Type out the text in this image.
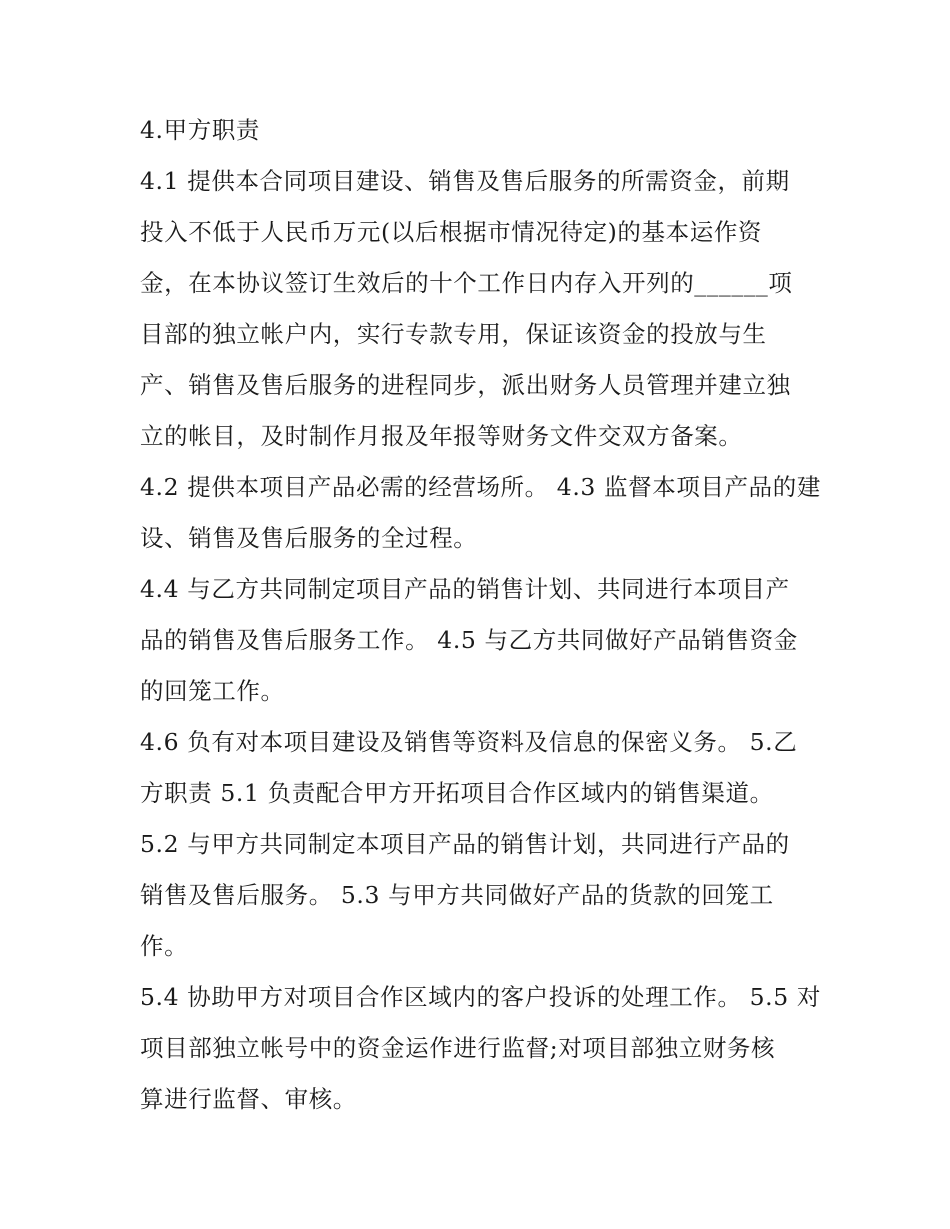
4.甲方职责
4.1 提供本合同项目建设、销售及售后服务的所需资金，前期
投入不低于人民币万元(以后根据市情况待定)的基本运作资
金，在本协议签订生效后的十个工作日内存入开列的______项
目部的独立帐户内，实行专款专用，保证该资金的投放与生
产、销售及售后服务的进程同步，派出财务人员管理并建立独
立的帐目，及时制作月报及年报等财务文件交双方备案。
4.2 提供本项目产品必需的经营场所。 4.3 监督本项目产品的建
设、销售及售后服务的全过程。
4.4 与乙方共同制定项目产品的销售计划、共同进行本项目产
品的销售及售后服务工作。 4.5 与乙方共同做好产品销售资金
的回笼工作。
4.6 负有对本项目建设及销售等资料及信息的保密义务。 5.乙
方职责 5.1 负责配合甲方开拓项目合作区域内的销售渠道。
5.2 与甲方共同制定本项目产品的销售计划，共同进行产品的
销售及售后服务。 5.3 与甲方共同做好产品的货款的回笼工
作。
5.4 协助甲方对项目合作区域内的客户投诉的处理工作。 5.5 对
项目部独立帐号中的资金运作进行监督;对项目部独立财务核
算进行监督、审核。
